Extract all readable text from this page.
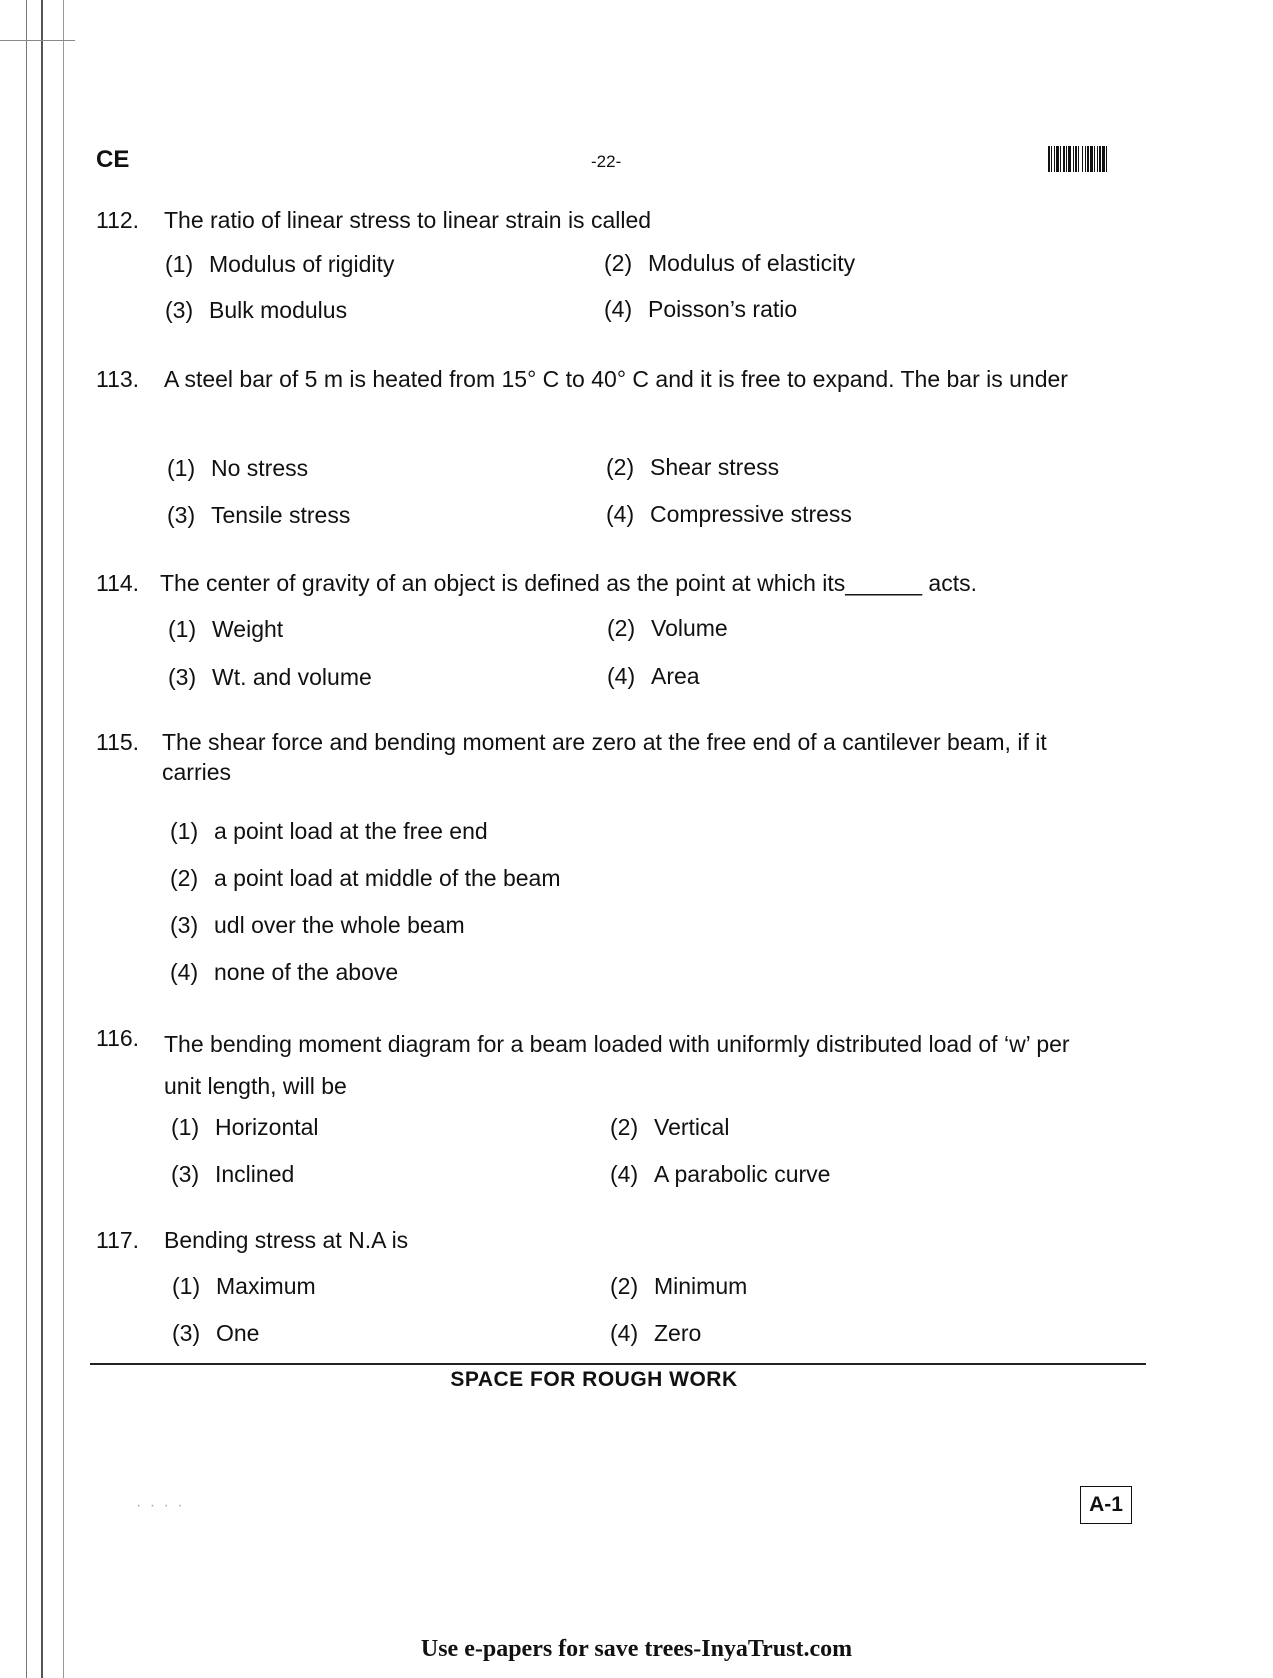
CE	-22-
112. The ratio of linear stress to linear strain is called
(1) Modulus of rigidity	(2) Modulus of elasticity
(3) Bulk modulus	(4) Poisson’s ratio
113. A steel bar of 5 m is heated from 15° C to 40° C and it is free to expand. The bar is under
(1) No stress	(2) Shear stress
(3) Tensile stress	(4) Compressive stress
114. The center of gravity of an object is defined as the point at which its______ acts.
(1) Weight	(2) Volume
(3) Wt. and volume	(4) Area
115. The shear force and bending moment are zero at the free end of a cantilever beam, if it carries
(1) a point load at the free end
(2) a point load at middle of the beam
(3) udl over the whole beam
(4) none of the above
116. The bending moment diagram for a beam loaded with uniformly distributed load of ‘w’ per unit length, will be
(1) Horizontal	(2) Vertical
(3) Inclined	(4) A parabolic curve
117. Bending stress at N.A is
(1) Maximum	(2) Minimum
(3) One	(4) Zero
SPACE FOR ROUGH WORK
· · · ·	A-1
Use e-papers for save trees-InyaTrust.com
